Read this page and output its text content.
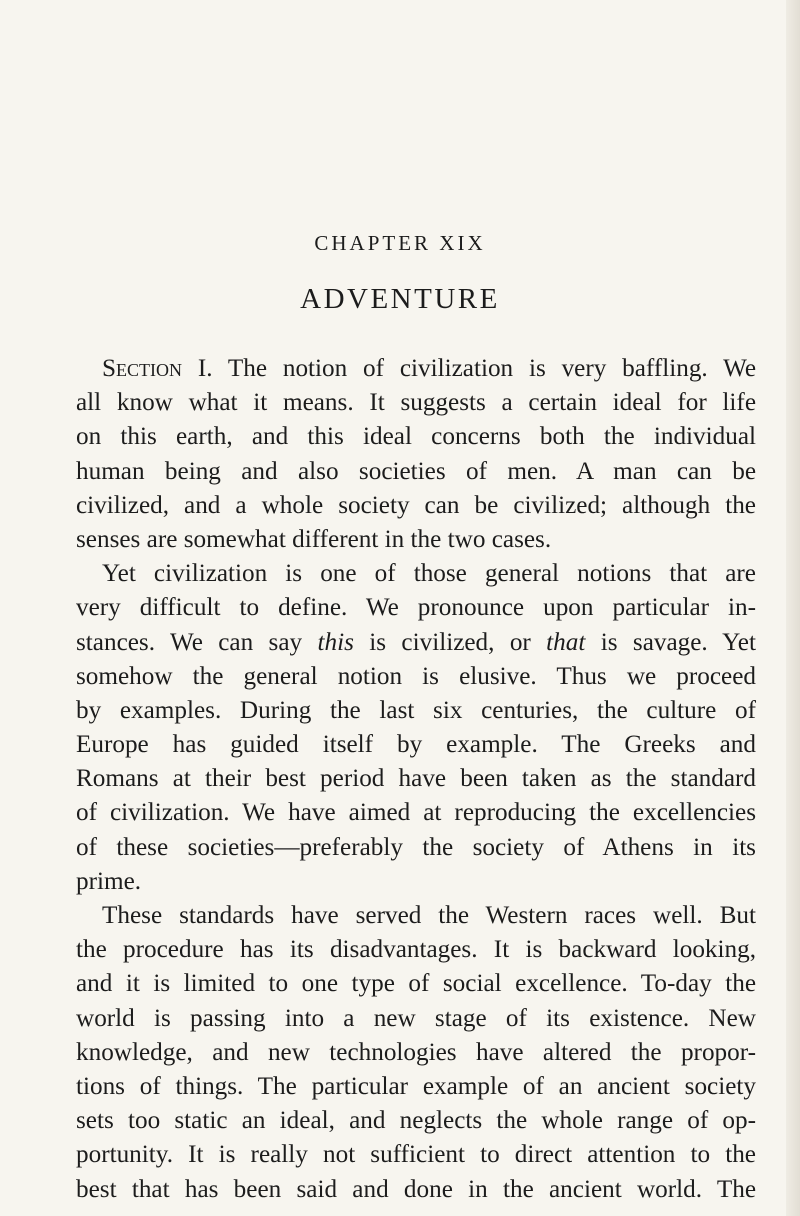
CHAPTER XIX
ADVENTURE
Section I. The notion of civilization is very baffling. We
all know what it means. It suggests a certain ideal for life
on this earth, and this ideal concerns both the individual
human being and also societies of men. A man can be
civilized, and a whole society can be civilized; although the
senses are somewhat different in the two cases.
Yet civilization is one of those general notions that are
very difficult to define. We pronounce upon particular in-
stances. We can say this is civilized, or that is savage. Yet
somehow the general notion is elusive. Thus we proceed
by examples. During the last six centuries, the culture of
Europe has guided itself by example. The Greeks and
Romans at their best period have been taken as the standard
of civilization. We have aimed at reproducing the excellencies
of these societies—preferably the society of Athens in its
prime.
These standards have served the Western races well. But
the procedure has its disadvantages. It is backward looking,
and it is limited to one type of social excellence. To-day the
world is passing into a new stage of its existence. New
knowledge, and new technologies have altered the propor-
tions of things. The particular example of an ancient society
sets too static an ideal, and neglects the whole range of op-
portunity. It is really not sufficient to direct attention to the
best that has been said and done in the ancient world. The
